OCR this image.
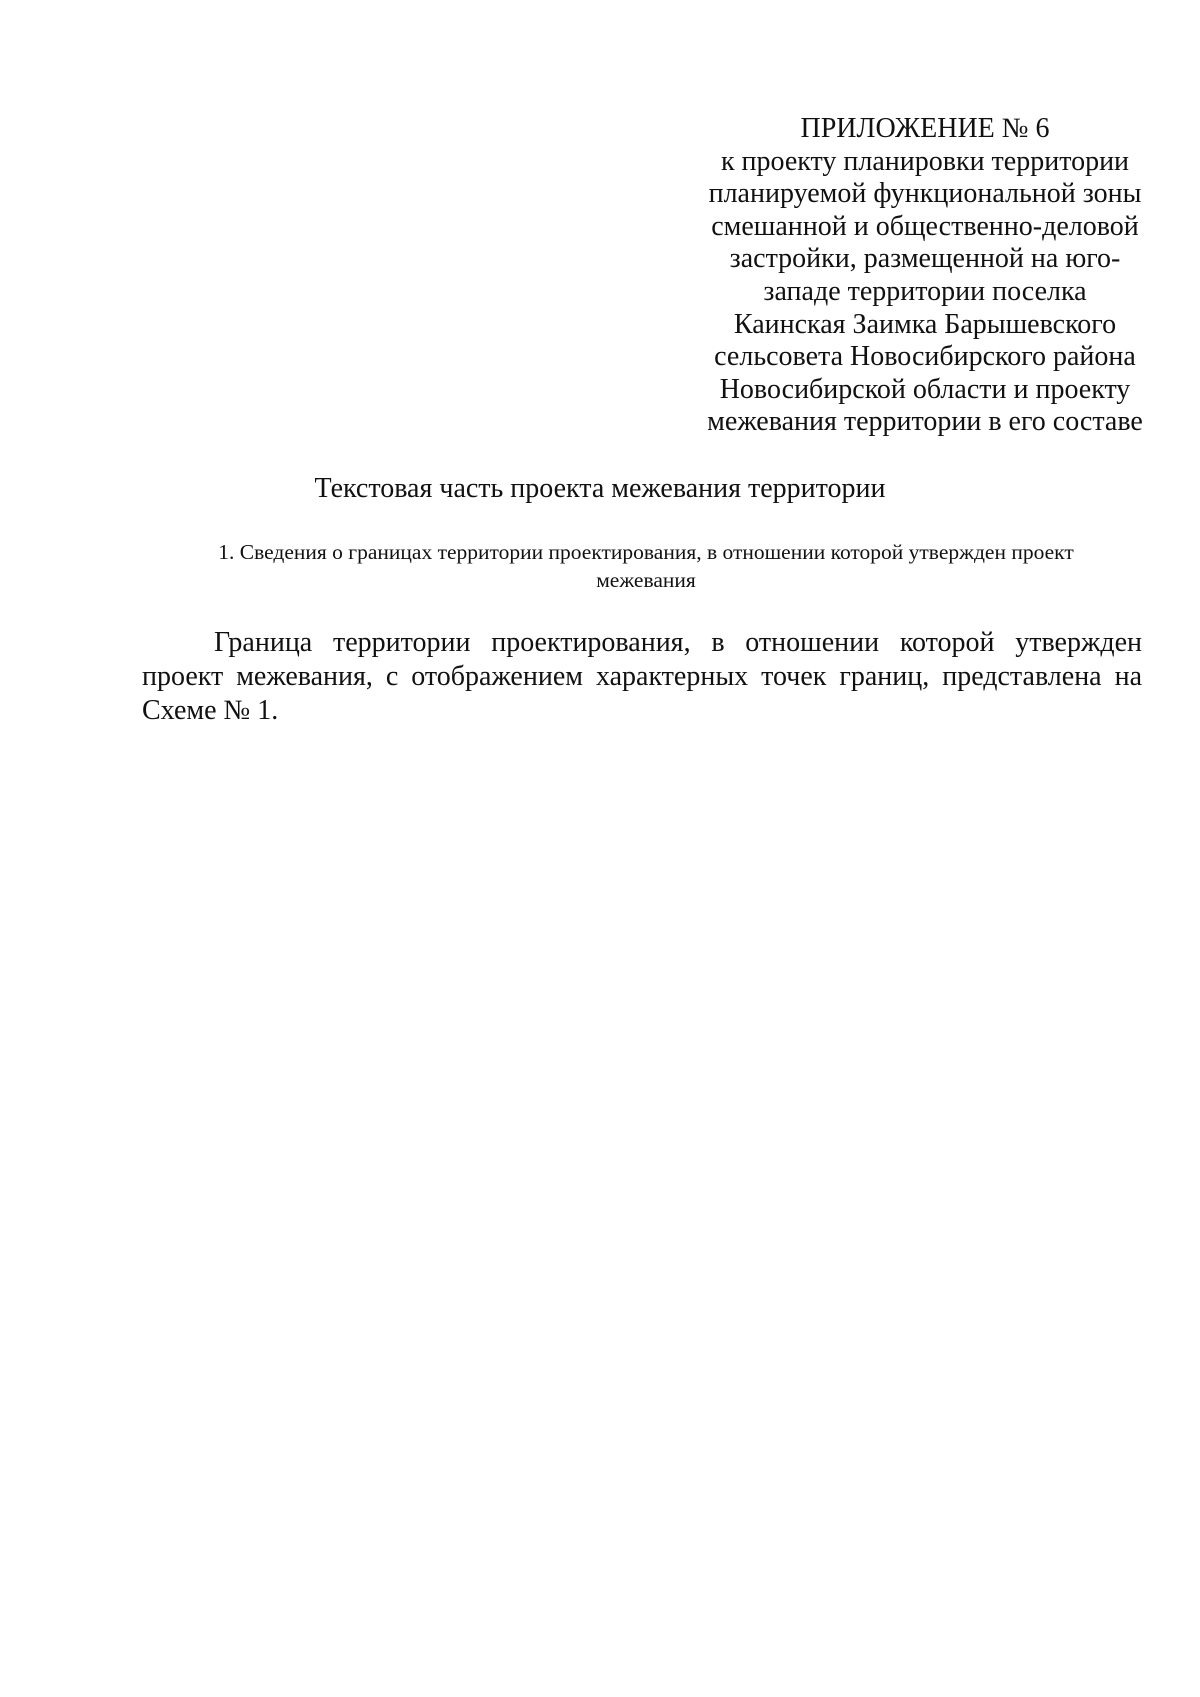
ПРИЛОЖЕНИЕ № 6
к проекту планировки территории
планируемой функциональной зоны
смешанной и общественно-деловой
застройки, размещенной на юго-
западе территории поселка
Каинская Заимка Барышевского
сельсовета Новосибирского района
Новосибирской области и проекту
межевания территории в его составе
Текстовая часть проекта межевания территории
1. Сведения о границах территории проектирования, в отношении которой утвержден проект
межевания
Граница территории проектирования, в отношении которой утвержден
проект межевания, с отображением характерных точек границ, представлена на
Схеме № 1.
